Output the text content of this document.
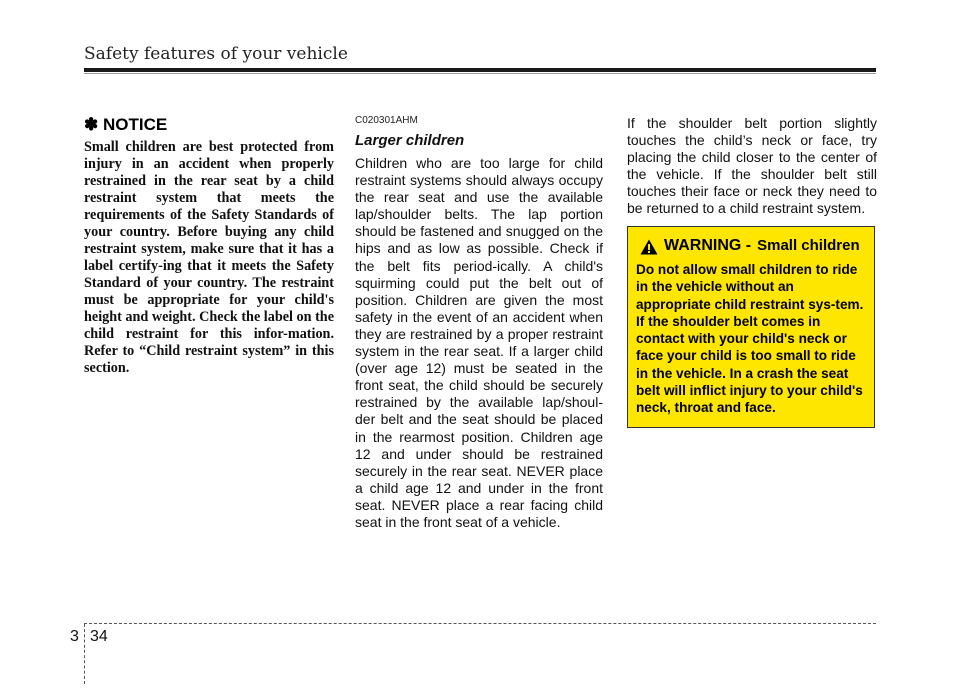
Safety features of your vehicle

✽ NOTICE

Small children are best protected from injury in an accident when properly restrained in the rear seat by a child restraint system that meets the requirements of the Safety Standards of your country. Before buying any child restraint system, make sure that it has a label certify-ing that it meets the Safety Standard of your country. The restraint must be appropriate for your child's height and weight. Check the label on the child restraint for this infor-mation. Refer to “Child restraint system” in this section.

C020301AHM

Larger children

Children who are too large for child restraint systems should always occupy the rear seat and use the available lap/shoulder belts. The lap portion should be fastened and snugged on the hips and as low as possible. Check if the belt fits period-ically. A child's squirming could put the belt out of position. Children are given the most safety in the event of an accident when they are restrained by a proper restraint system in the rear seat. If a larger child (over age 12) must be seated in the front seat, the child should be securely restrained by the available lap/shoul-der belt and the seat should be placed in the rearmost position. Children age 12 and under should be restrained securely in the rear seat. NEVER place a child age 12 and under in the front seat. NEVER place a rear facing child seat in the front seat of a vehicle.

If the shoulder belt portion slightly touches the child’s neck or face, try placing the child closer to the center of the vehicle. If the shoulder belt still touches their face or neck they need to be returned to a child restraint system.

WARNING - Small children

Do not allow small children to ride in the vehicle without an appropriate child restraint sys-tem. If the shoulder belt comes in contact with your child's neck or face your child is too small to ride in the vehicle. In a crash the seat belt will inflict injury to your child's neck, throat and face.

3 34
